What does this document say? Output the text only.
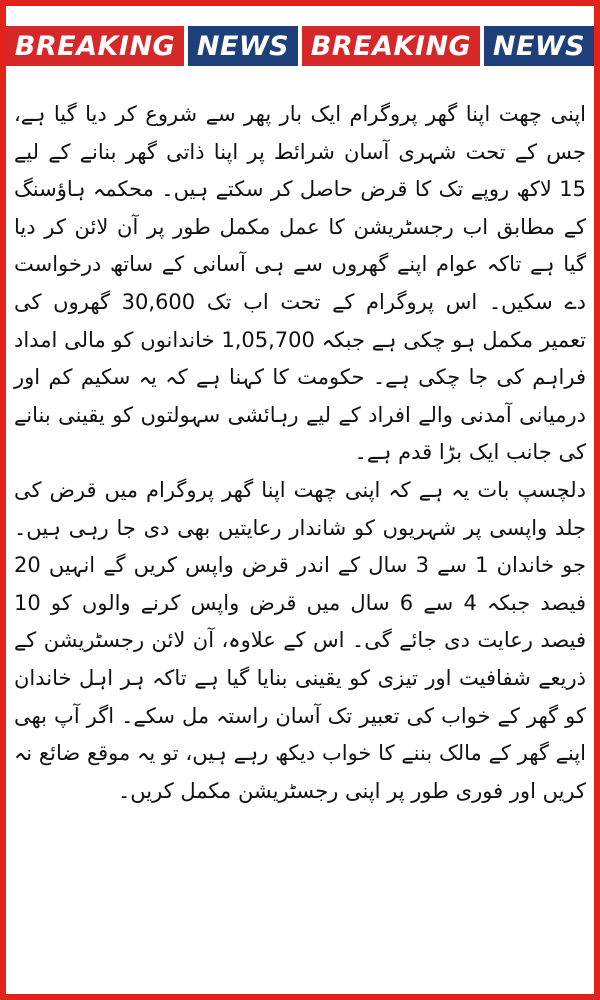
BREAKING NEWS BREAKING NEWS

اپنی چھت اپنا گھر پروگرام ایک بار پھر سے شروع کر دیا گیا ہے، جس کے تحت شہری آسان شرائط پر اپنا ذاتی گھر بنانے کے لیے 15 لاکھ روپے تک کا قرض حاصل کر سکتے ہیں۔ محکمہ ہاؤسنگ کے مطابق اب رجسٹریشن کا عمل مکمل طور پر آن لائن کر دیا گیا ہے تاکہ عوام اپنے گھروں سے ہی آسانی کے ساتھ درخواست دے سکیں۔ اس پروگرام کے تحت اب تک 30,600 گھروں کی تعمیر مکمل ہو چکی ہے جبکہ 1,05,700 خاندانوں کو مالی امداد فراہم کی جا چکی ہے۔ حکومت کا کہنا ہے کہ یہ سکیم کم اور درمیانی آمدنی والے افراد کے لیے رہائشی سہولتوں کو یقینی بنانے کی جانب ایک بڑا قدم ہے۔

دلچسپ بات یہ ہے کہ اپنی چھت اپنا گھر پروگرام میں قرض کی جلد واپسی پر شہریوں کو شاندار رعایتیں بھی دی جا رہی ہیں۔ جو خاندان 1 سے 3 سال کے اندر قرض واپس کریں گے انہیں 20 فیصد جبکہ 4 سے 6 سال میں قرض واپس کرنے والوں کو 10 فیصد رعایت دی جائے گی۔ اس کے علاوہ، آن لائن رجسٹریشن کے ذریعے شفافیت اور تیزی کو یقینی بنایا گیا ہے تاکہ ہر اہل خاندان کو گھر کے خواب کی تعبیر تک آسان راستہ مل سکے۔ اگر آپ بھی اپنے گھر کے مالک بننے کا خواب دیکھ رہے ہیں، تو یہ موقع ضائع نہ کریں اور فوری طور پر اپنی رجسٹریشن مکمل کریں۔
